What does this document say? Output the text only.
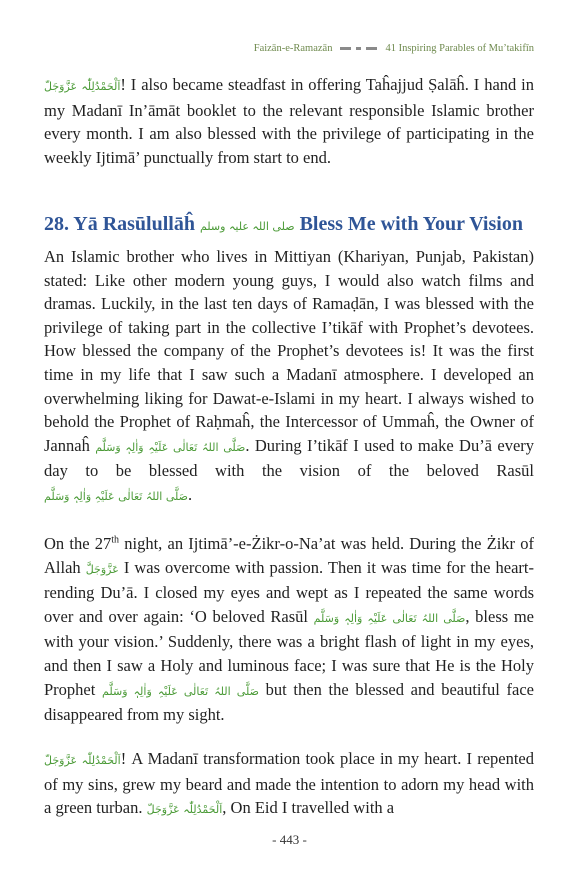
Faizān-e-Ramazān	41 Inspiring Parables of Mu’takifīn
اَلْحَمْدُلِلّٰہ عَزَّوَجَلّ! I also became steadfast in offering Taĥajjud Ṣalāĥ. I hand in my Madanī In’āmāt booklet to the relevant responsible Islamic brother every month. I am also blessed with the privilege of participating in the weekly Ijtimā’ punctually from start to end.
28. Yā Rasūlullāĥ صلی اللہ علیہ وسلم Bless Me with Your Vision
An Islamic brother who lives in Mittiyan (Khariyan, Punjab, Pakistan) stated: Like other modern young guys, I would also watch films and dramas. Luckily, in the last ten days of Ramaḍān, I was blessed with the privilege of taking part in the collective I’tikāf with Prophet’s devotees. How blessed the company of the Prophet’s devotees is! It was the first time in my life that I saw such a Madanī atmosphere. I developed an overwhelming liking for Dawat-e-Islami in my heart. I always wished to behold the Prophet of Raḥmaĥ, the Intercessor of Ummaĥ, the Owner of Jannaĥ صَلَّی اللہُ تَعَالٰی عَلَیْہِ وَاٰلِہٖ وَسَلَّم. During I’tikāf I used to make Du’ā every day to be blessed with the vision of the beloved Rasūl صَلَّی اللہُ تَعَالٰی عَلَیْہِ وَاٰلِہٖ وَسَلَّم.
On the 27th night, an Ijtimā’-e-Żikr-o-Na’at was held. During the Żikr of Allah عَزَّوَجَلَّ I was overcome with passion. Then it was time for the heart-rending Du’ā. I closed my eyes and wept as I repeated the same words over and over again: ‘O beloved Rasūl صَلَّی اللہُ تَعَالٰی عَلَیْہِ وَاٰلِہٖ وَسَلَّم, bless me with your vision.’ Suddenly, there was a bright flash of light in my eyes, and then I saw a Holy and luminous face; I was sure that He is the Holy Prophet صَلَّی اللہُ تَعَالٰی عَلَیْہِ وَاٰلِہٖ وَسَلَّم but then the blessed and beautiful face disappeared from my sight.
اَلْحَمْدُلِلّٰہ عَزَّوَجَلّ! A Madanī transformation took place in my heart. I repented of my sins, grew my beard and made the intention to adorn my head with a green turban. اَلْحَمْدُلِلّٰہ عَزَّوَجَلّ, On Eid I travelled with a
- 443 -
